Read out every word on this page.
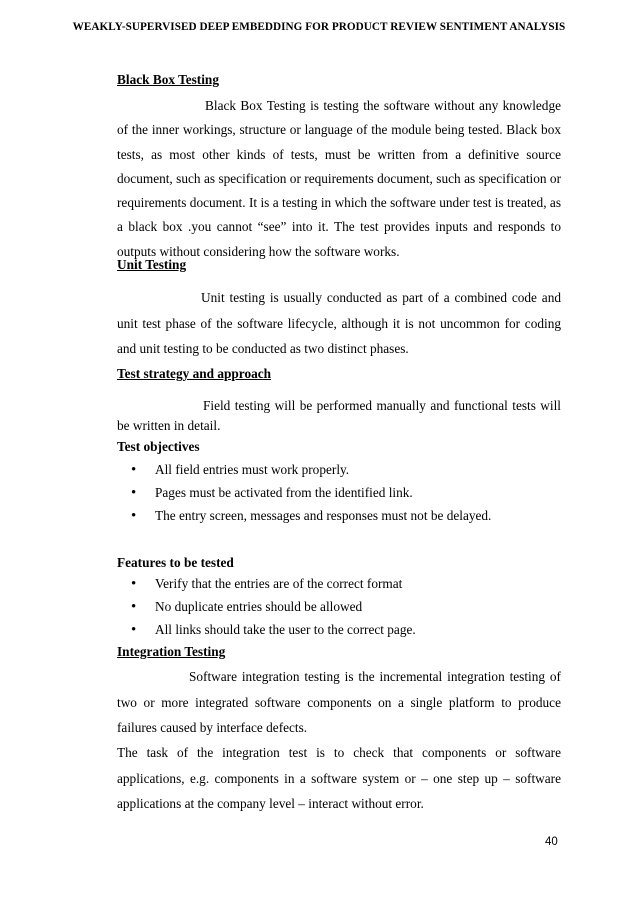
WEAKLY-SUPERVISED DEEP EMBEDDING FOR PRODUCT REVIEW SENTIMENT ANALYSIS
Black Box Testing

Black Box Testing is testing the software without any knowledge of the inner workings, structure or language of the module being tested. Black box tests, as most other kinds of tests, must be written from a definitive source document, such as specification or requirements document, such as specification or requirements document. It is a testing in which the software under test is treated, as a black box .you cannot “see” into it. The test provides inputs and responds to outputs without considering how the software works.

Unit Testing

Unit testing is usually conducted as part of a combined code and unit test phase of the software lifecycle, although it is not uncommon for coding and unit testing to be conducted as two distinct phases.

Test strategy and approach

Field testing will be performed manually and functional tests will be written in detail.

Test objectives
• All field entries must work properly.
• Pages must be activated from the identified link.
• The entry screen, messages and responses must not be delayed.
Features to be tested
• Verify that the entries are of the correct format
• No duplicate entries should be allowed
• All links should take the user to the correct page.
Integration Testing

Software integration testing is the incremental integration testing of two or more integrated software components on a single platform to produce failures caused by interface defects.

The task of the integration test is to check that components or software applications, e.g. components in a software system or – one step up – software applications at the company level – interact without error.

40
